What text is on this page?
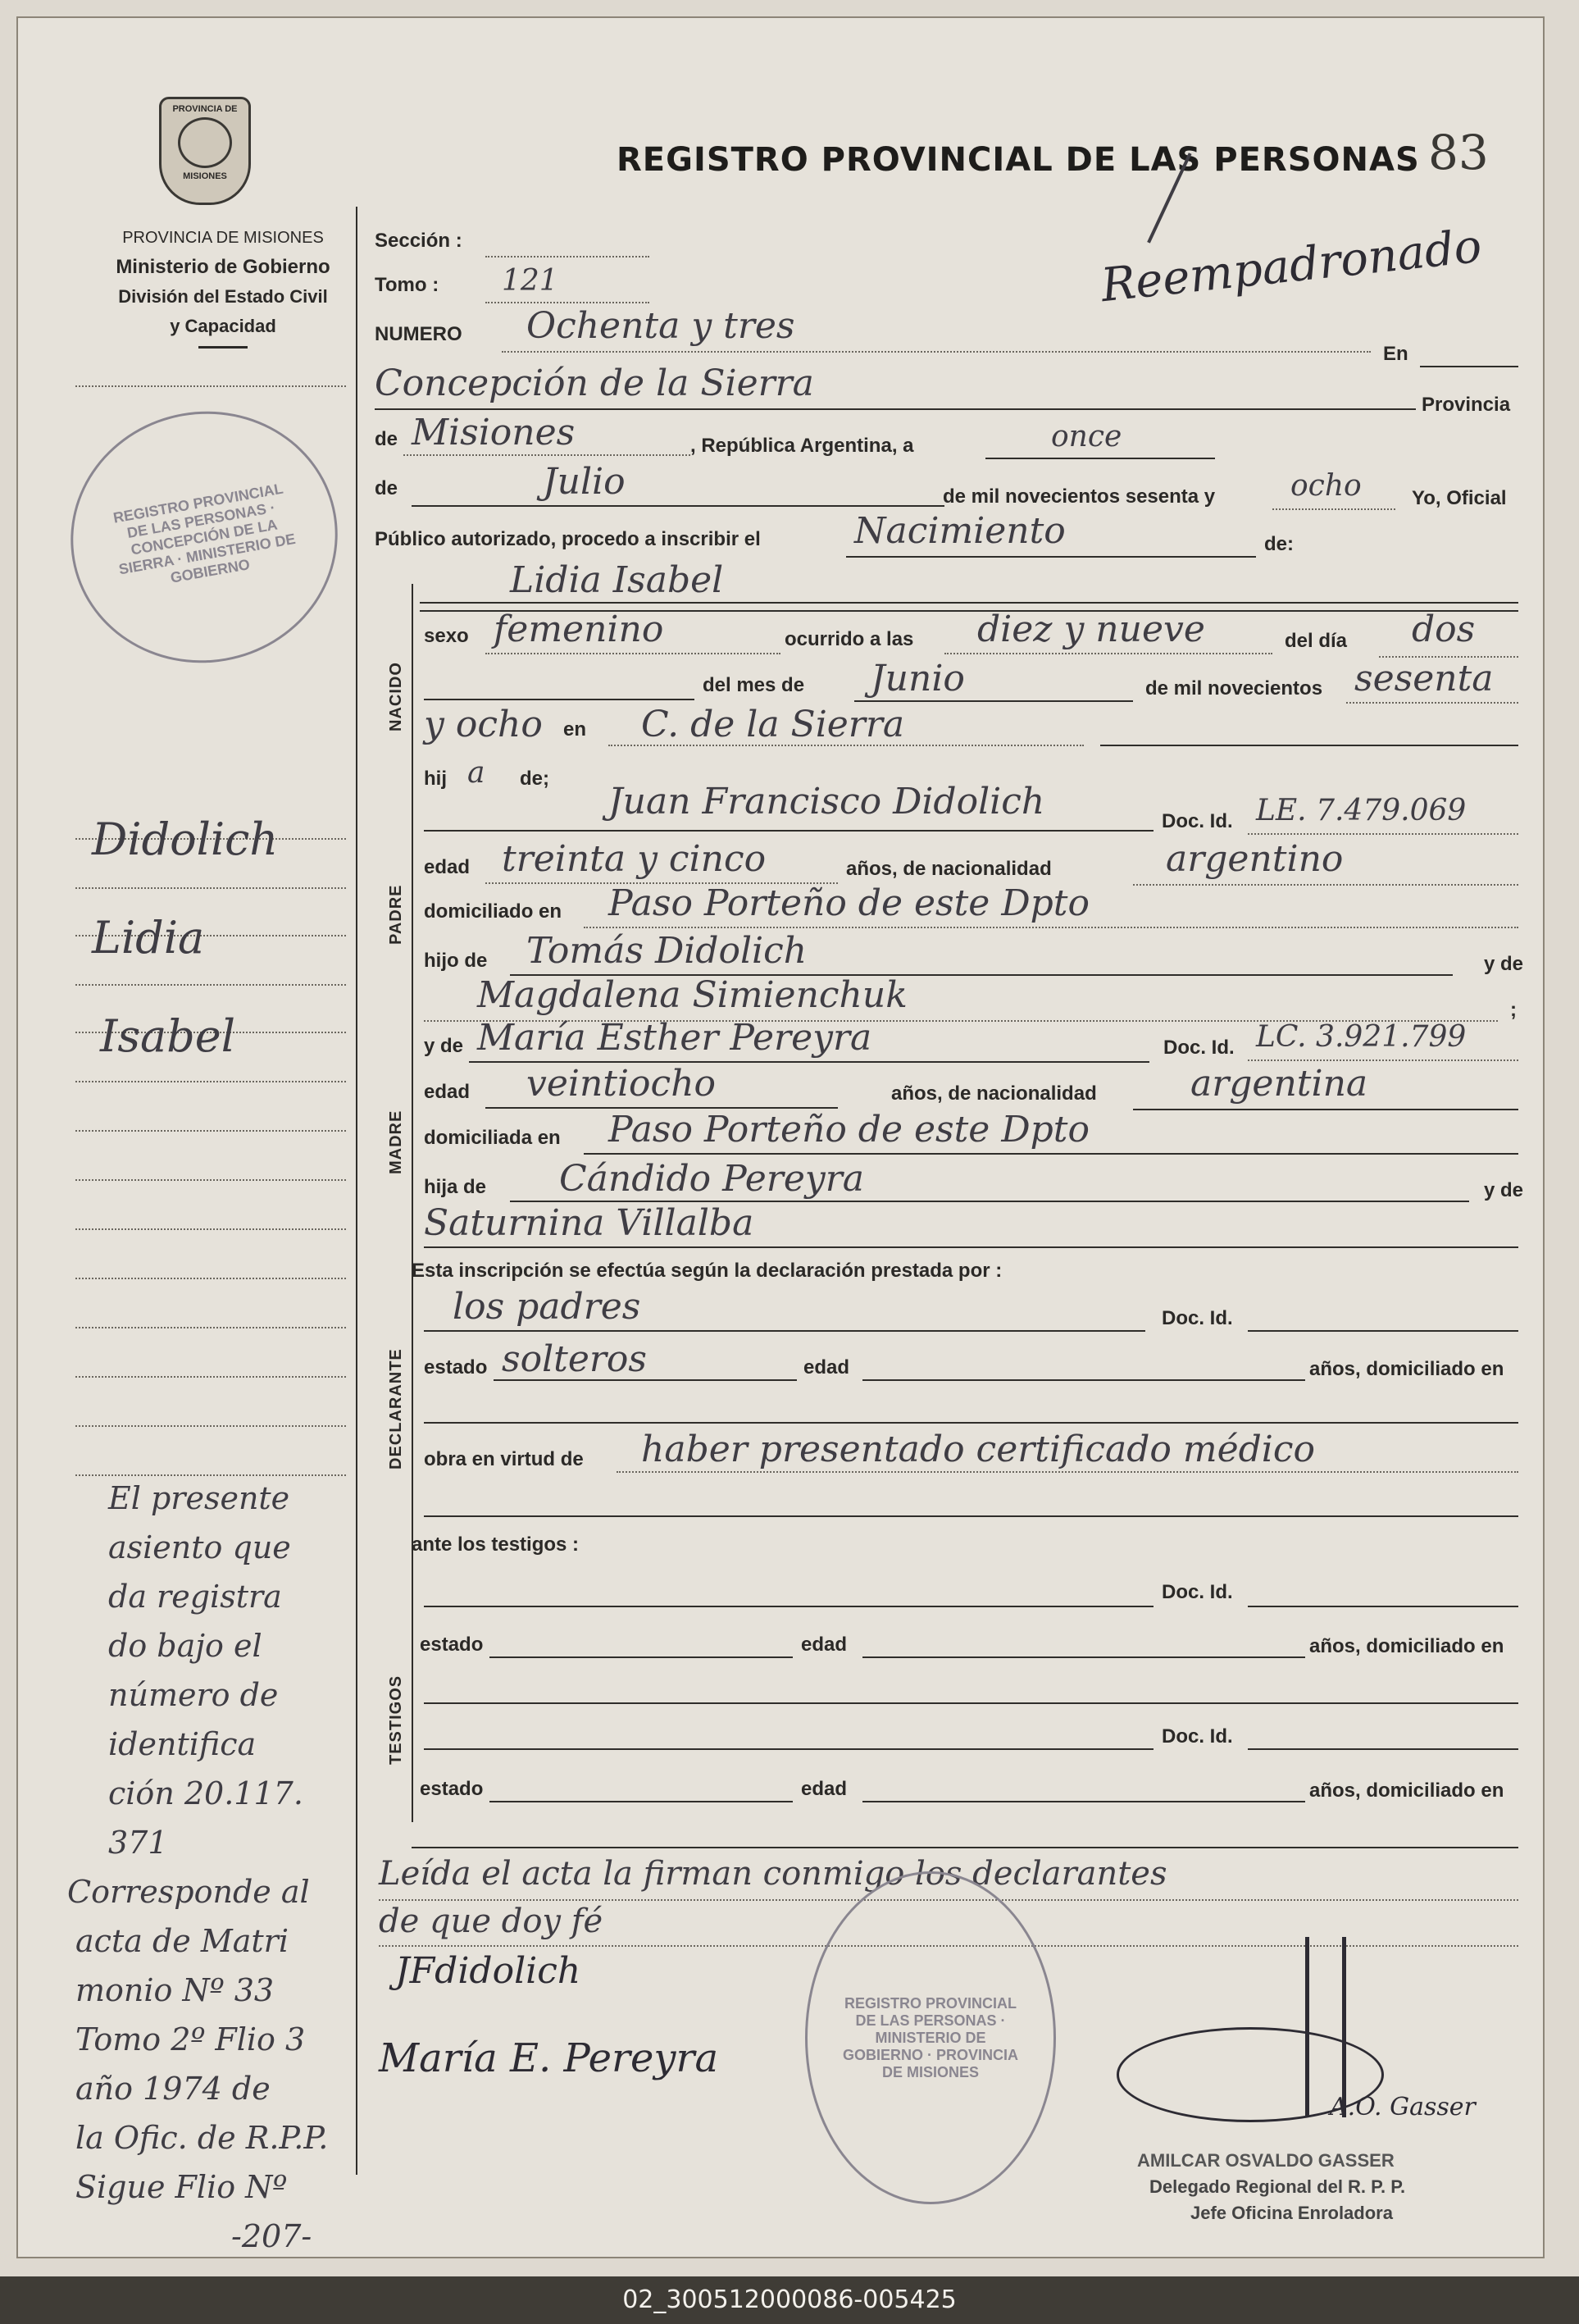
PROVINCIA DE
MISIONES
PROVINCIA DE MISIONES
Ministerio de Gobierno
División del Estado Civil
y Capacidad
REGISTRO PROVINCIAL DE LAS PERSONAS 83
Reempadronado
REGISTRO PROVINCIAL DE LAS PERSONAS · CONCEPCIÓN DE LA SIERRA · MINISTERIO DE GOBIERNO
Didolich
Lidia
Isabel
El presente
asiento que
da registra
do bajo el
número de
identifica
ción 20.117.
371
Corresponde al
acta de Matri
monio Nº 33
Tomo 2º Flio 3
año 1974 de
la Ofic. de R.P.P.
Sigue Flio Nº
-207-
Sección :
Tomo : 121
NUMERO Ochenta y tres
En
Concepción de la Sierra
Provincia
de Misiones	, República Argentina, a	once
de	Julio	de mil novecientos sesenta y	ocho	Yo, Oficial
Público autorizado, procedo a inscribir el	Nacimiento	de:
NACIDO
Lidia Isabel
sexo femenino	ocurrido a las diez y nueve	del día dos
del mes de Junio	de mil novecientos sesenta
y ocho en C. de la Sierra
hij a de;
PADRE
Juan Francisco Didolich	Doc. Id. LE. 7.479.069
edad treinta y cinco	años, de nacionalidad	argentino
domiciliado en Paso Porteño de este Dpto
hijo de Tomás Didolich	y de
Magdalena Simienchuk	;
MADRE
y de María Esther Pereyra	Doc. Id. LC. 3.921.799
edad veintiocho	años, de nacionalidad	argentina
domiciliada en Paso Porteño de este Dpto
hija de Cándido Pereyra	y de
Saturnina Villalba
Esta inscripción se efectúa según la declaración prestada por :
DECLARANTE
los padres	Doc. Id.
estado solteros	edad	años, domiciliado en
obra en virtud de haber presentado certificado médico
ante los testigos :
TESTIGOS
Doc. Id.
estado	edad	años, domiciliado en
Doc. Id.
estado	edad	años, domiciliado en
Leída el acta la firman conmigo los declarantes
de que doy fé
JFdidolich
María E. Pereyra
REGISTRO PROVINCIAL DE LAS PERSONAS · MINISTERIO DE GOBIERNO · PROVINCIA DE MISIONES
A.O. Gasser
AMILCAR OSVALDO GASSER
Delegado Regional del R. P. P.
Jefe Oficina Enroladora
02_300512000086-005425
